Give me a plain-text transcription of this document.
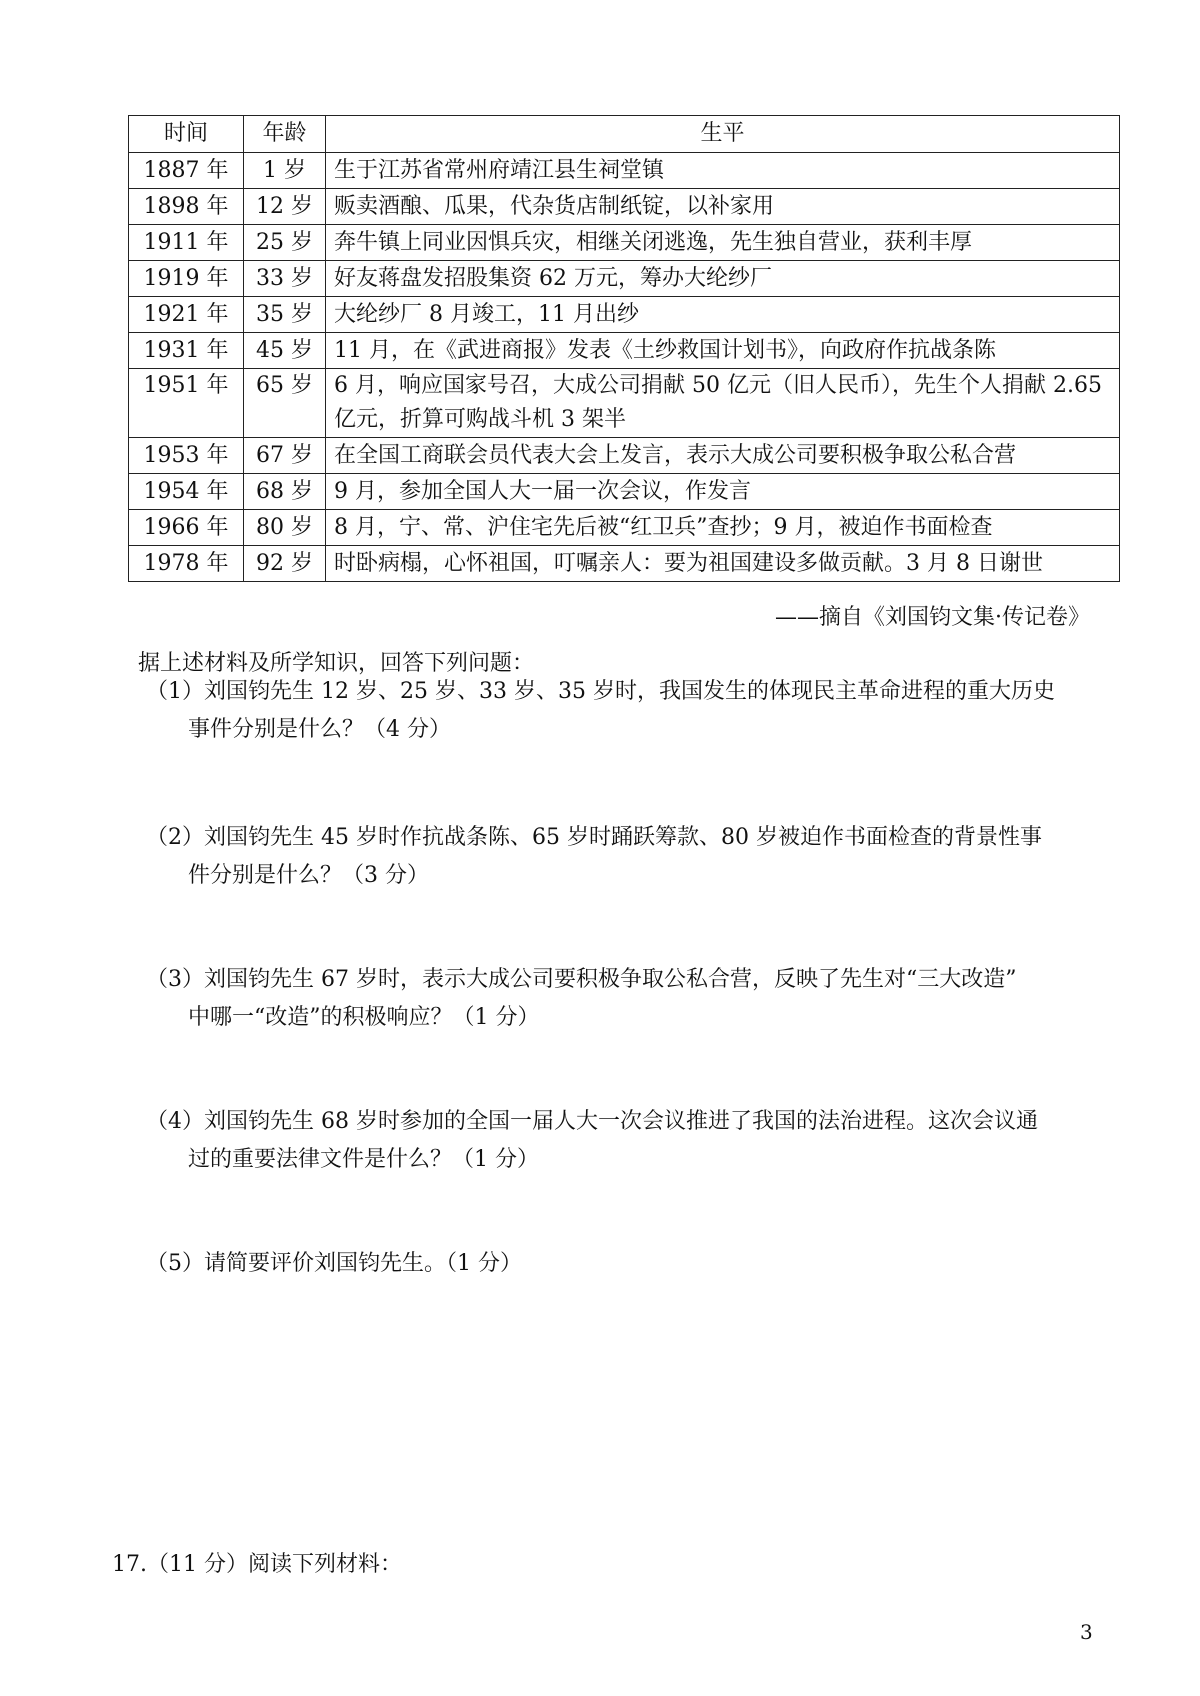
时间	年龄	生平
1887 年	1 岁	生于江苏省常州府靖江县生祠堂镇
1898 年	12 岁	贩卖酒酿、瓜果，代杂货店制纸锭，以补家用
1911 年	25 岁	奔牛镇上同业因惧兵灾，相继关闭逃逸，先生独自营业，获利丰厚
1919 年	33 岁	好友蒋盘发招股集资 62 万元，筹办大纶纱厂
1921 年	35 岁	大纶纱厂 8 月竣工，11 月出纱
1931 年	45 岁	11 月，在《武进商报》发表《土纱救国计划书》，向政府作抗战条陈
1951 年	65 岁	6 月，响应国家号召，大成公司捐献 50 亿元（旧人民币），先生个人捐献 2.65 亿元，折算可购战斗机 3 架半
1953 年	67 岁	在全国工商联会员代表大会上发言，表示大成公司要积极争取公私合营
1954 年	68 岁	9 月，参加全国人大一届一次会议，作发言
1966 年	80 岁	8 月，宁、常、沪住宅先后被“红卫兵”查抄；9 月，被迫作书面检查
1978 年	92 岁	时卧病榻，心怀祖国，叮嘱亲人：要为祖国建设多做贡献。3 月 8 日谢世
——摘自《刘国钧文集·传记卷》
据上述材料及所学知识，回答下列问题：
（1）刘国钧先生 12 岁、25 岁、33 岁、35 岁时，我国发生的体现民主革命进程的重大历史
事件分别是什么？（4 分）
（2）刘国钧先生 45 岁时作抗战条陈、65 岁时踊跃筹款、80 岁被迫作书面检查的背景性事
件分别是什么？（3 分）
（3）刘国钧先生 67 岁时，表示大成公司要积极争取公私合营，反映了先生对“三大改造”
中哪一“改造”的积极响应？（1 分）
（4）刘国钧先生 68 岁时参加的全国一届人大一次会议推进了我国的法治进程。这次会议通
过的重要法律文件是什么？（1 分）
（5）请简要评价刘国钧先生。（1 分）
17.（11 分）阅读下列材料：
3
